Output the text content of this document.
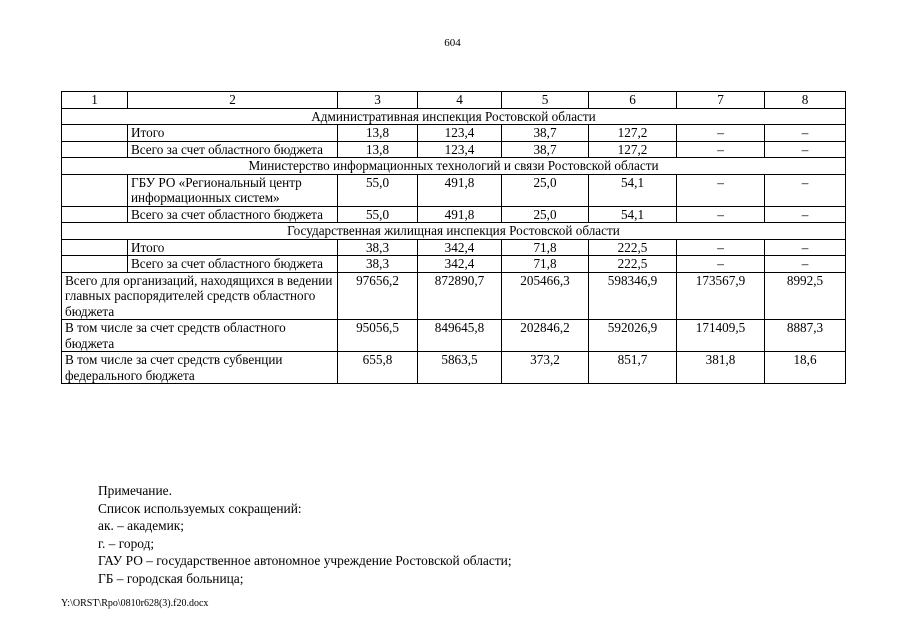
604
1	2	3	4	5	6	7	8
Административная инспекция Ростовской области							
	Итого	13,8	123,4	38,7	127,2	–	–
	Всего за счет областного бюджета	13,8	123,4	38,7	127,2	–	–
Министерство информационных технологий и связи Ростовской области							
	ГБУ РО «Региональный центр информационных систем»	55,0	491,8	25,0	54,1	–	–
	Всего за счет областного бюджета	55,0	491,8	25,0	54,1	–	–
Государственная жилищная инспекция Ростовской области							
	Итого	38,3	342,4	71,8	222,5	–	–
	Всего за счет областного бюджета	38,3	342,4	71,8	222,5	–	–
Всего для организаций, находящихся в ведении главных распорядителей средств областного бюджета		97656,2	872890,7	205466,3	598346,9	173567,9	8992,5
В том числе за счет средств областного бюджета		95056,5	849645,8	202846,2	592026,9	171409,5	8887,3
В том числе за счет средств субвенции федерального бюджета		655,8	5863,5	373,2	851,7	381,8	18,6
Примечание.
Список используемых сокращений:
ак. – академик;
г. – город;
ГАУ РО – государственное автономное учреждение Ростовской области;
ГБ – городская больница;
Y:\ORST\Rpo\0810r628(3).f20.docx
